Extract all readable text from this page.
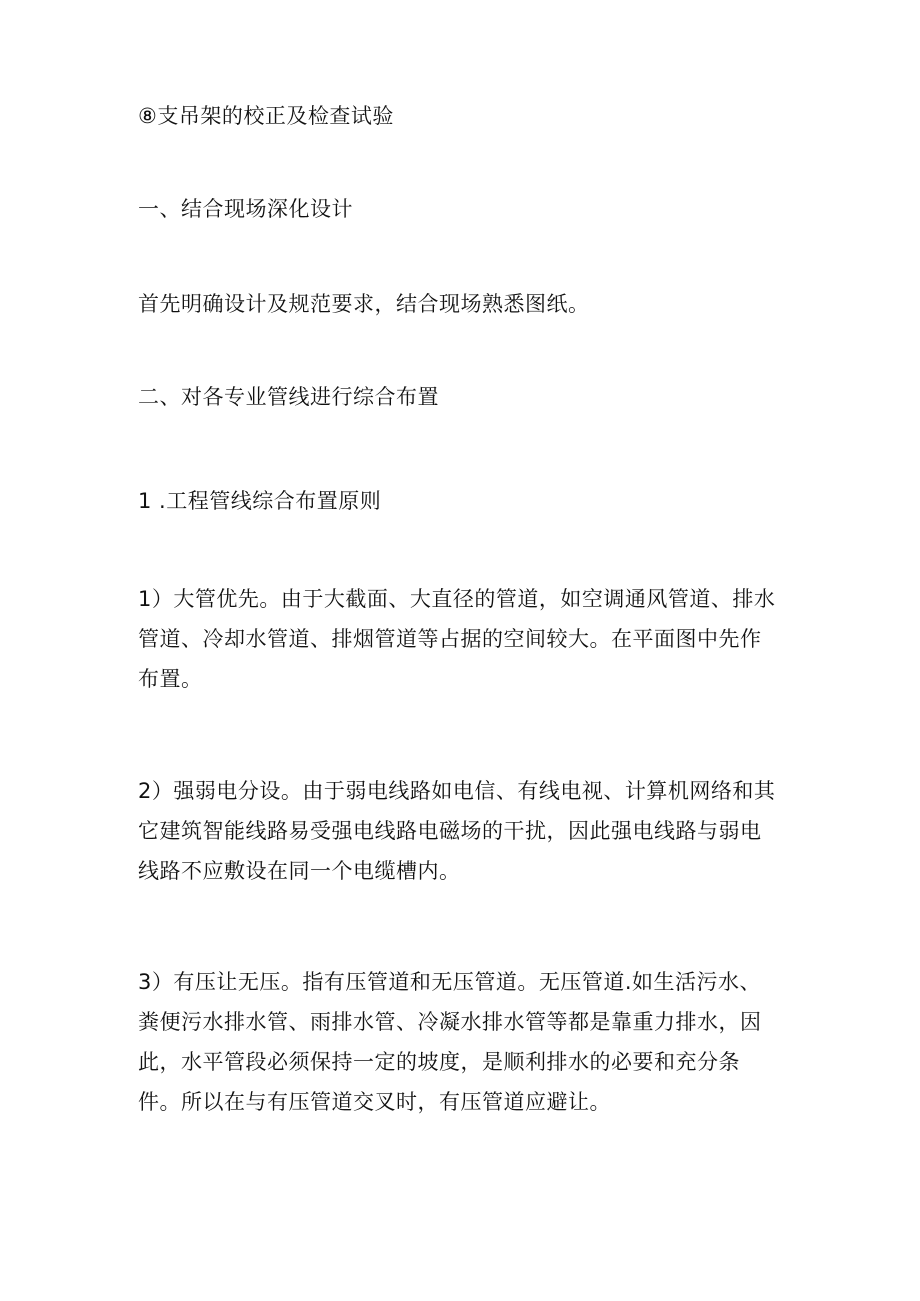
⑧支吊架的校正及检查试验

一、结合现场深化设计

首先明确设计及规范要求，结合现场熟悉图纸。

二、对各专业管线进行综合布置

1 .工程管线综合布置原则

1）大管优先。由于大截面、大直径的管道，如空调通风管道、排水
管道、冷却水管道、排烟管道等占据的空间较大。在平面图中先作
布置。

2）强弱电分设。由于弱电线路如电信、有线电视、计算机网络和其
它建筑智能线路易受强电线路电磁场的干扰，因此强电线路与弱电
线路不应敷设在同一个电缆槽内。

3）有压让无压。指有压管道和无压管道。无压管道.如生活污水、
粪便污水排水管、雨排水管、冷凝水排水管等都是靠重力排水，因
此，水平管段必须保持一定的坡度，是顺利排水的必要和充分条
件。所以在与有压管道交叉时，有压管道应避让。
